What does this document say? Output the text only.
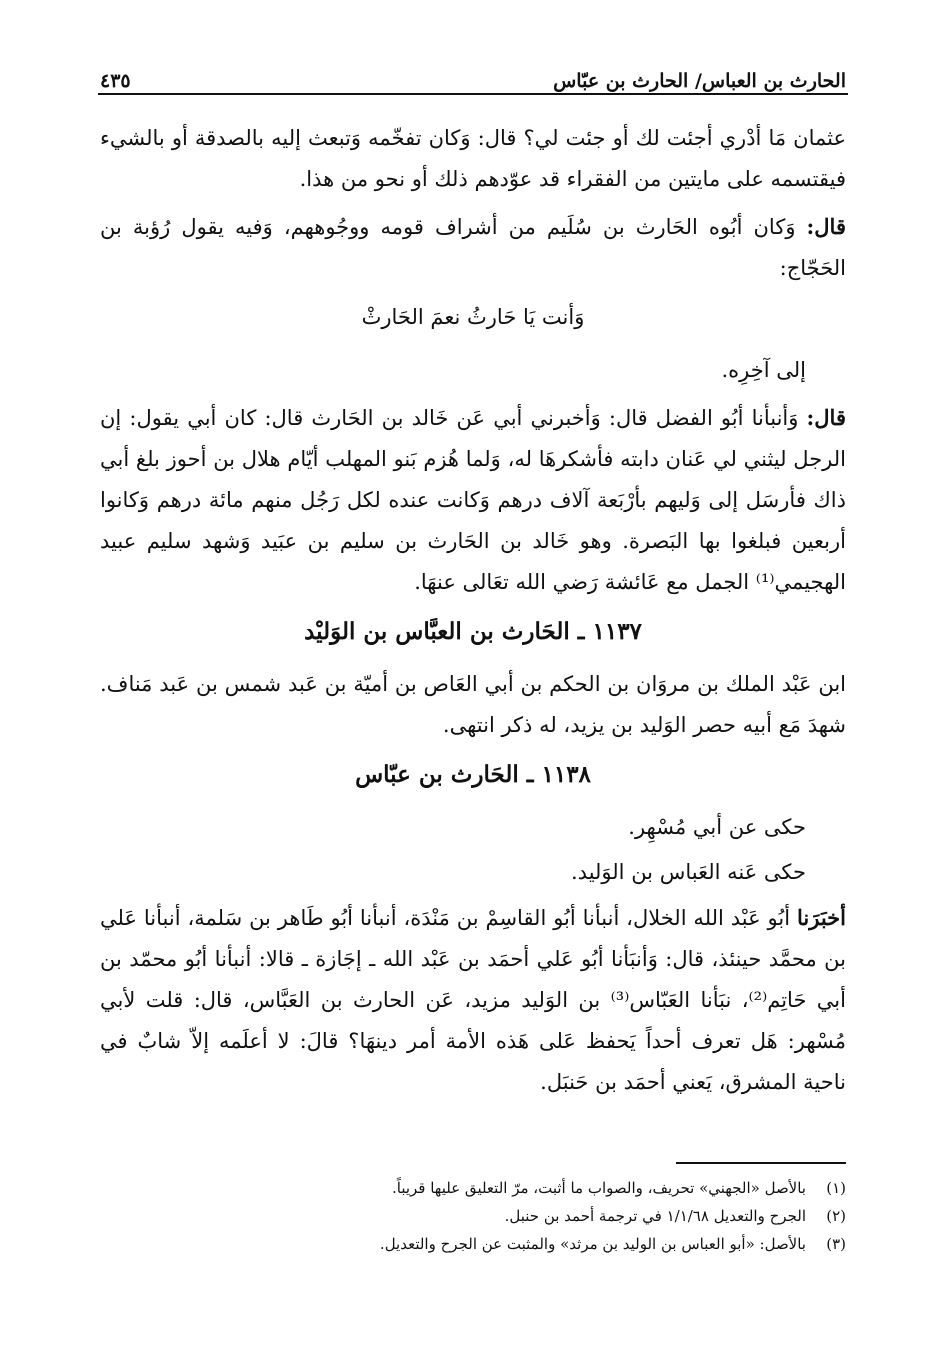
الحارث بن العباس/ الحارث بن عبّاس
٤٣٥

عثمان مَا أدْري أجئت لك أو جئت لي؟ قال: وَكان تفخّمه وَتبعث إليه بالصدقة أو بالشيء فيقتسمه على مايتين من الفقراء قد عوّدهم ذلك أو نحو من هذا.

قال: وَكان أبُوه الحَارث بن سُلَيم من أشراف قومه ووجُوههم، وَفيه يقول رُؤبة بن الحَجّاج:

وَأنت يَا حَارثُ نعمَ الحَارثْ

إلى آخِرِه.

قال: وَأنبأنا أبُو الفضل قال: وَأخبرني أبي عَن خَالد بن الحَارث قال: كان أبي يقول: إن الرجل ليثني لي عَنان دابته فأشكرهَا له، وَلما هُزم بَنو المهلب أيّام هلال بن أحوز بلغ أبي ذاك فأرسَل إلى وَليهم بأرْبَعة آلاف درهم وَكانت عنده لكل رَجُل منهم مائة درهم وَكانوا أربعين فبلغوا بها البَصرة. وهو خَالد بن الحَارث بن سليم بن عبَيد وَشهد سليم عبيد الهجيمي⁽¹⁾ الجمل مع عَائشة رَضي الله تعَالى عنهَا.

١١٣٧ ـ الحَارث بن العبَّاس بن الوَليْد

ابن عَبْد الملك بن مروَان بن الحكم بن أبي العَاص بن أميّة بن عَبد شمس بن عَبد مَناف. شهدَ مَع أبيه حصر الوَليد بن يزيد، له ذكر انتهى.

١١٣٨ ـ الحَارث بن عبّاس

حكى عن أبي مُسْهِر.

حكى عَنه العَباس بن الوَليد.

أخبَرَنا أبُو عَبْد الله الخلال، أنبأنا أبُو القاسِمْ بن مَنْدَة، أنبأنا أبُو طَاهر بن سَلمة، أنبأنا عَلي بن محمَّد حينئذ، قال: وَأنبَأنا أبُو عَلي أحمَد بن عَبْد الله ـ إجَازة ـ قالا: أنبأنا أبُو محمّد بن أبي حَاتِم⁽²⁾، نبَأنا العَبّاس⁽³⁾ بن الوَليد مزيد، عَن الحارث بن العَبَّاس، قال: قلت لأبي مُسْهر: هَل تعرف أحداً يَحفظ عَلى هَذه الأمة أمر دينهَا؟ قالَ: لا أعلَمه إلاّ شابٌ في ناحية المشرق، يَعني أحمَد بن حَنبَل.

(١)
بالأصل «الجهني» تحريف، والصواب ما أثبت، مرّ التعليق عليها قريباً.
(٢)
الجرح والتعديل ١/١/٦٨ في ترجمة أحمد بن حنبل.
(٣)
بالأصل: «أبو العباس بن الوليد بن مرثد» والمثبت عن الجرح والتعديل.
